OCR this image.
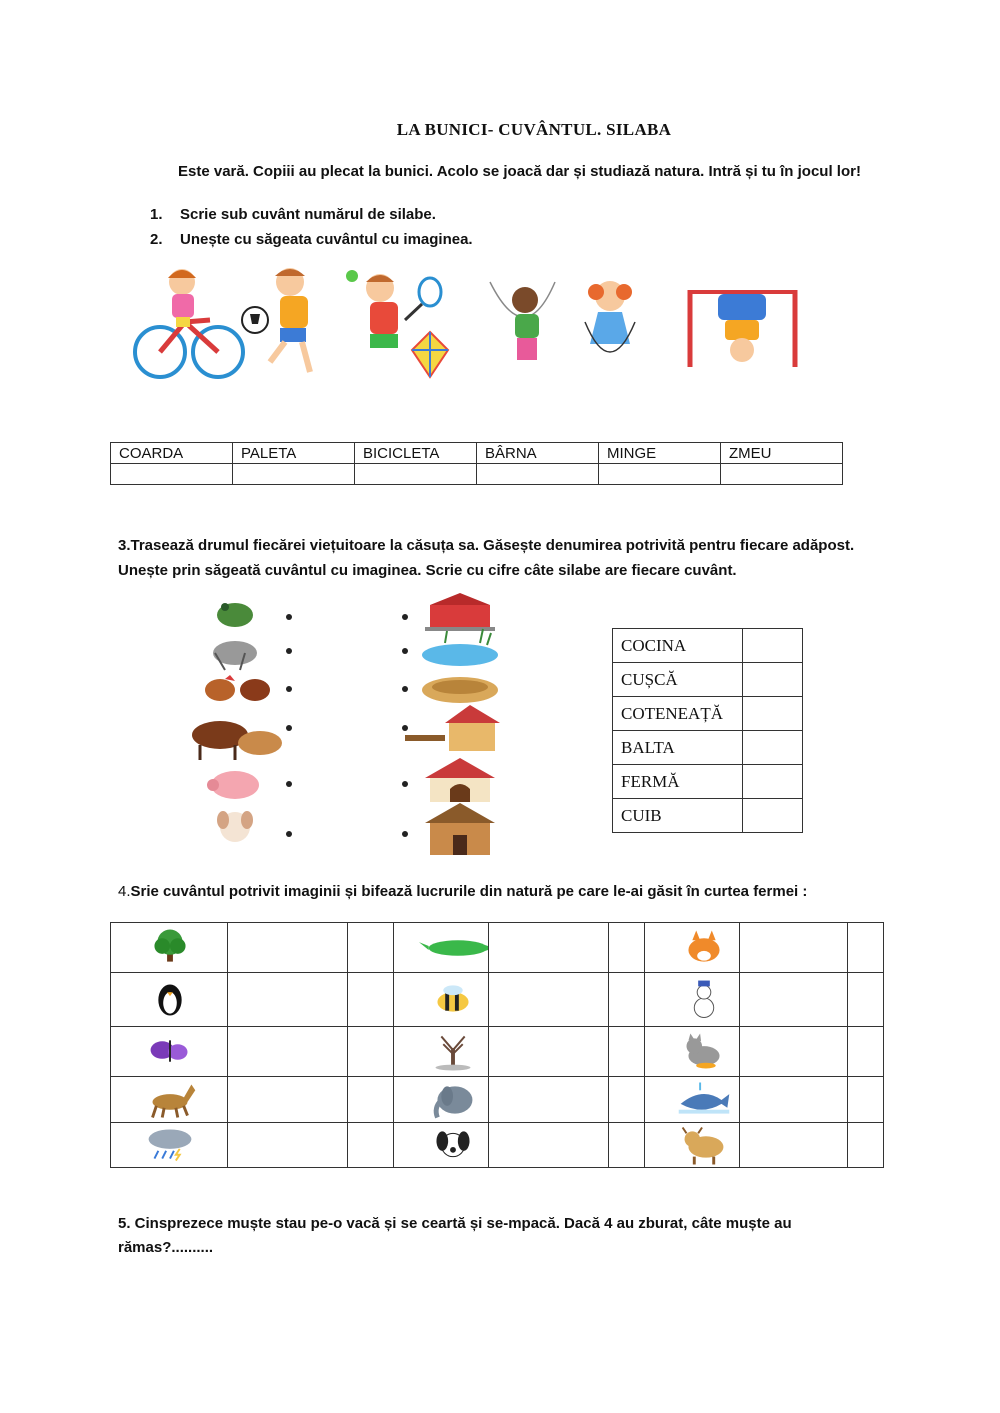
LA BUNICI- CUVÂNTUL. SILABA
Este vară. Copiii au plecat la bunici. Acolo se joacă dar și studiază natura. Intră și tu în jocul lor!
1. Scrie sub cuvânt numărul de silabe.
2. Unește cu săgeata cuvântul cu imaginea.
COARDA	PALETA	BICICLETA	BÂRNA	MINGE	ZMEU

3.Trasează drumul fiecărei viețuitoare la căsuța sa. Găsește denumirea potrivită pentru fiecare adăpost. Unește prin săgeată cuvântul cu imaginea. Scrie cu cifre câte silabe are fiecare cuvânt.
COCINA	
CUȘCĂ	
COTENEAȚĂ	
BALTA	
FERMĂ	
CUIB	
4.Srie cuvântul potrivit imaginii și bifează lucrurile din natură pe care le-ai găsit în curtea fermei :

5. Cinsprezece muște stau pe-o vacă și se ceartă și se-mpacă. Dacă 4 au zburat, câte muște au rămas?..........
